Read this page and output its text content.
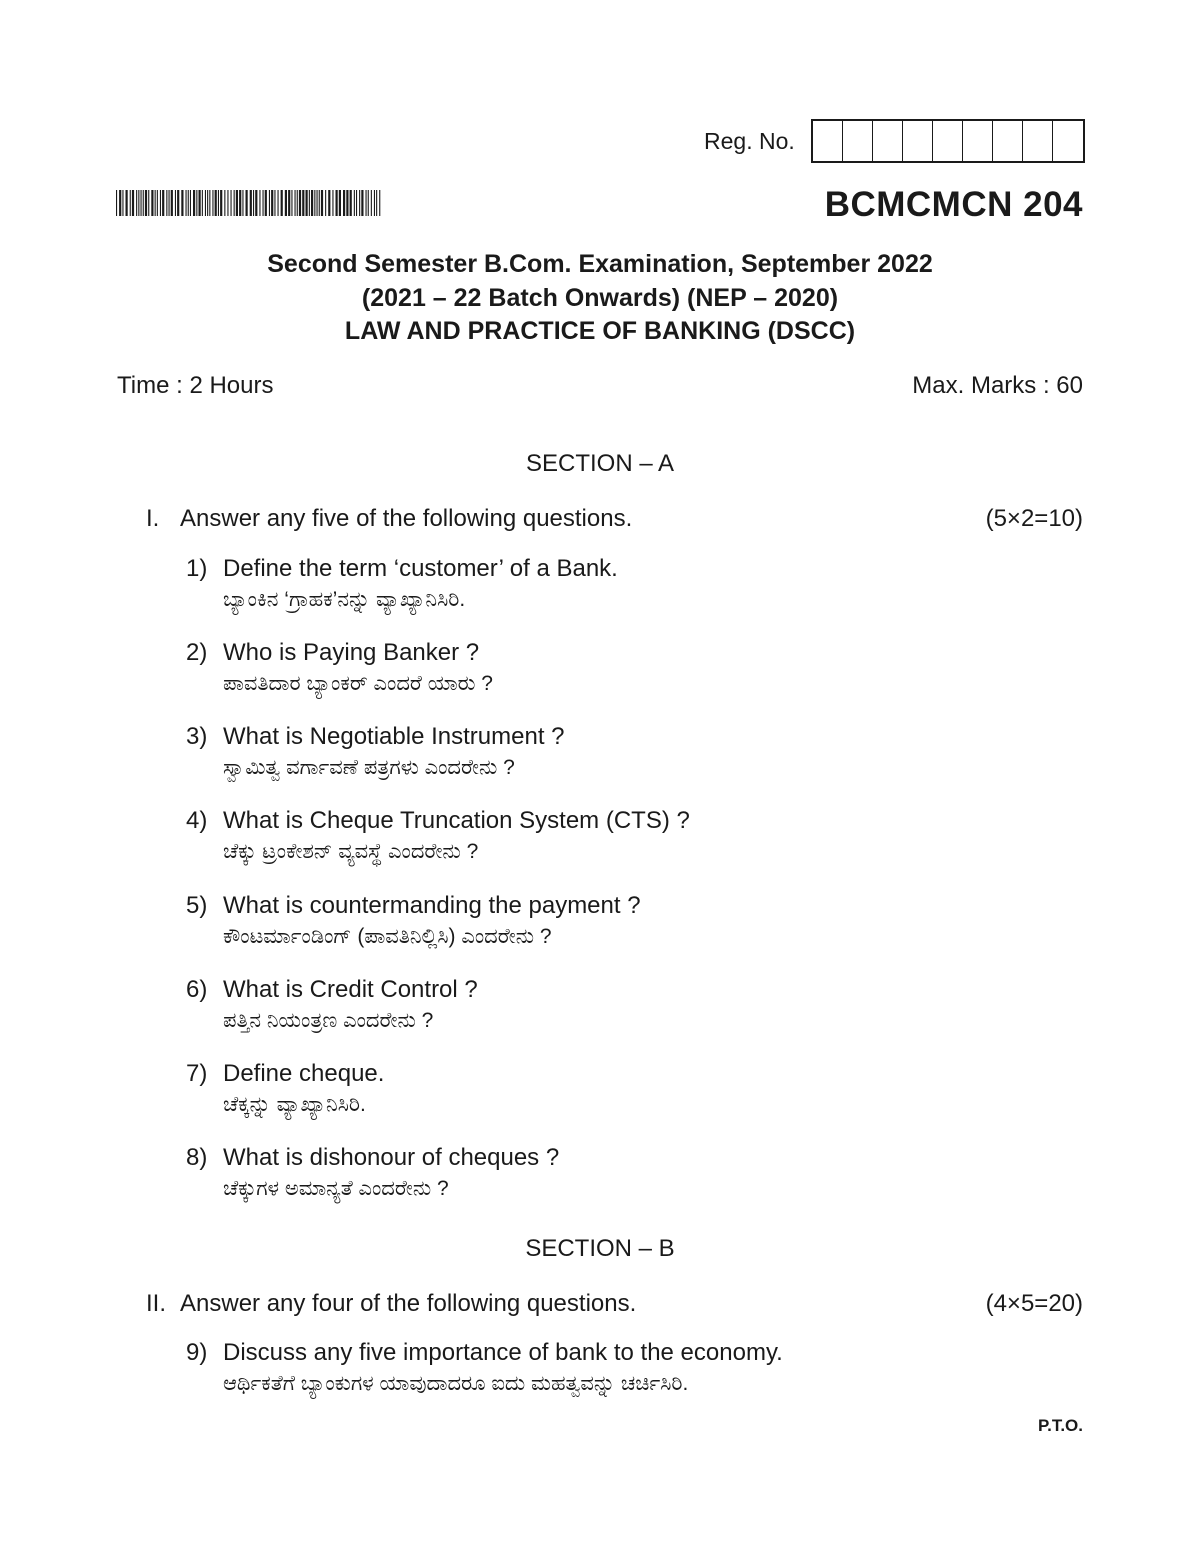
Reg. No.
BCMCMCN 204
Second Semester B.Com. Examination, September 2022
(2021 – 22 Batch Onwards) (NEP – 2020)
LAW AND PRACTICE OF BANKING (DSCC)
Time : 2 Hours	Max. Marks : 60
SECTION – A
I. Answer any five of the following questions.	(5×2=10)
1) Define the term ‘customer’ of a Bank.
ಬ್ಯಾಂಕಿನ ‘ಗ್ರಾಹಕ’ನನ್ನು ವ್ಯಾಖ್ಯಾನಿಸಿರಿ.
2) Who is Paying Banker ?
ಪಾವತಿದಾರ ಬ್ಯಾಂಕರ್ ಎಂದರೆ ಯಾರು ?
3) What is Negotiable Instrument ?
ಸ್ವಾಮಿತ್ವ ವರ್ಗಾವಣೆ ಪತ್ರಗಳು ಎಂದರೇನು ?
4) What is Cheque Truncation System (CTS) ?
ಚೆಕ್ಕು ಟ್ರಂಕೇಶನ್ ವ್ಯವಸ್ಥೆ ಎಂದರೇನು ?
5) What is countermanding the payment ?
ಕೌಂಟರ್ಮಾಂಡಿಂಗ್ (ಪಾವತಿನಿಲ್ಲಿಸಿ) ಎಂದರೇನು ?
6) What is Credit Control ?
ಪತ್ತಿನ ನಿಯಂತ್ರಣ ಎಂದರೇನು ?
7) Define cheque.
ಚೆಕ್ಕನ್ನು ವ್ಯಾಖ್ಯಾನಿಸಿರಿ.
8) What is dishonour of cheques ?
ಚೆಕ್ಕುಗಳ ಅಮಾನ್ಯತೆ ಎಂದರೇನು ?
SECTION – B
II. Answer any four of the following questions.	(4×5=20)
9) Discuss any five importance of bank to the economy.
ಆರ್ಥಿಕತೆಗೆ ಬ್ಯಾಂಕುಗಳ ಯಾವುದಾದರೂ ಐದು ಮಹತ್ವವನ್ನು ಚರ್ಚಿಸಿರಿ.
P.T.O.
